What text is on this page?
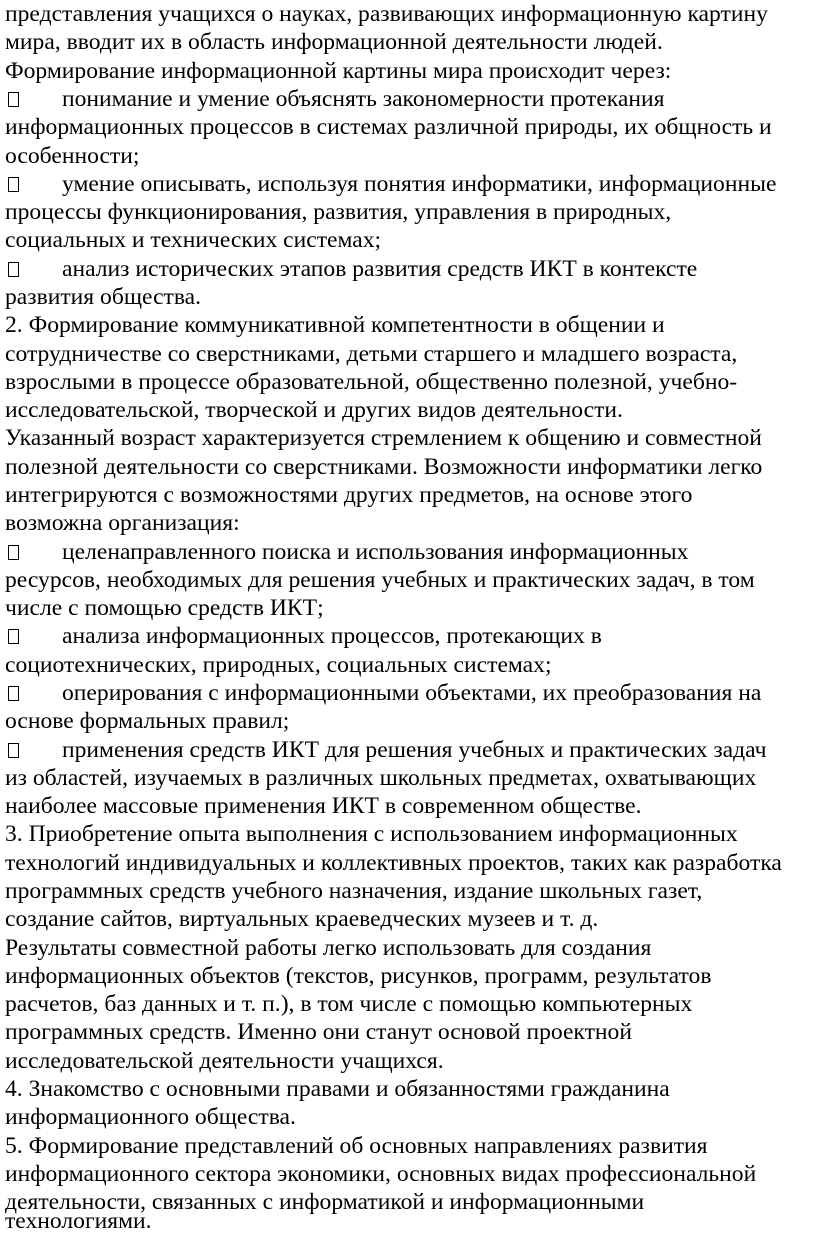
представления учащихся о науках, развивающих информационную картину
мира, вводит их в область информационной деятельности людей.
Формирование информационной картины мира происходит через:
понимание и умение объяснять закономерности протекания
информационных процессов в системах различной природы, их общность и
особенности;
умение описывать, используя понятия информатики, информационные
процессы функционирования, развития, управления в природных,
социальных и технических системах;
анализ исторических этапов развития средств ИКТ в контексте
развития общества.
2. Формирование коммуникативной компетентности в общении и
сотрудничестве со сверстниками, детьми старшего и младшего возраста,
взрослыми в процессе образовательной, общественно полезной, учебно-
исследовательской, творческой и других видов деятельности.
Указанный возраст характеризуется стремлением к общению и совместной
полезной деятельности со сверстниками. Возможности информатики легко
интегрируются с возможностями других предметов, на основе этого
возможна организация:
целенаправленного поиска и использования информационных
ресурсов, необходимых для решения учебных и практических задач, в том
числе с помощью средств ИКТ;
анализа информационных процессов, протекающих в
социотехнических, природных, социальных системах;
оперирования с информационными объектами, их преобразования на
основе формальных правил;
применения средств ИКТ для решения учебных и практических задач
из областей, изучаемых в различных школьных предметах, охватывающих
наиболее массовые применения ИКТ в современном обществе.
3. Приобретение опыта выполнения с использованием информационных
технологий индивидуальных и коллективных проектов, таких как разработка
программных средств учебного назначения, издание школьных газет,
создание сайтов, виртуальных краеведческих музеев и т. д.
Результаты совместной работы легко использовать для создания
информационных объектов (текстов, рисунков, программ, результатов
расчетов, баз данных и т. п.), в том числе с помощью компьютерных
программных средств. Именно они станут основой проектной
исследовательской деятельности учащихся.
4. Знакомство с основными правами и обязанностями гражданина
информационного общества.
5. Формирование представлений об основных направлениях развития
информационного сектора экономики, основных видах профессиональной
деятельности, связанных с информатикой и информационными
технологиями.
